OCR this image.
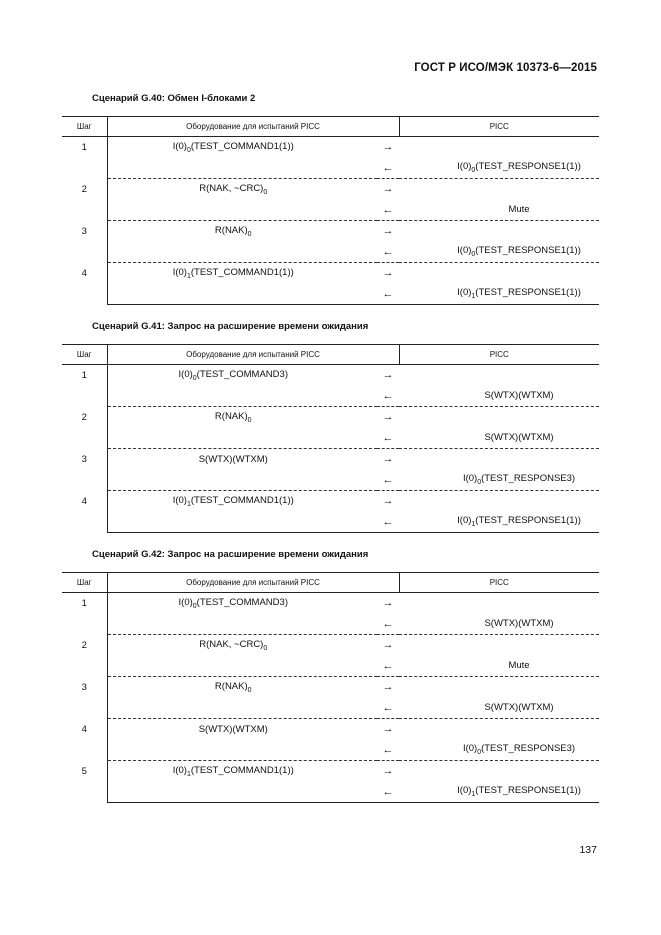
ГОСТ Р ИСО/МЭК 10373-6—2015
Сценарий G.40: Обмен I-блоками 2
Шаг	Оборудование для испытаний PICC		PICC
1	$I(0)_0(TEST\_COMMAND1(1))$	→	
		←	$I(0)_0(TEST\_RESPONSE1(1))$
2	R(NAK, $\sim CRC)_0$	→	
		←	Mute
3	$R(NAK)_0$	→	
		←	$I(0)_0(TEST\_RESPONSE1(1))$
4	$I(0)_1(TEST\_COMMAND1(1))$	→	
		←	$I(0)_1(TEST\_RESPONSE1(1))$
Сценарий G.41: Запрос на расширение времени ожидания
Шаг	Оборудование для испытаний PICC		PICC
1	$I(0)_0(TEST\_COMMAND3)$	→	
		←	S(WTX)(WTXM)
2	$R(NAK)_0$	→	
		←	S(WTX)(WTXM)
3	S(WTX)(WTXM)	→	
		←	$I(0)_0(TEST\_RESPONSE3)$
4	$I(0)_1(TEST\_COMMAND1(1))$	→	
		←	$I(0)_1(TEST\_RESPONSE1(1))$
Сценарий G.42: Запрос на расширение времени ожидания
Шаг	Оборудование для испытаний PICC		PICC
1	$I(0)_0(TEST\_COMMAND3)$	→	
		←	S(WTX)(WTXM)
2	R(NAK, $\sim CRC)_0$	→	
		←	Mute
3	$R(NAK)_0$	→	
		←	S(WTX)(WTXM)
4	S(WTX)(WTXM)	→	
		←	$I(0)_0(TEST\_RESPONSE3)$
5	$I(0)_1(TEST\_COMMAND1(1))$	→	
		←	$I(0)_1(TEST\_RESPONSE1(1))$
137
